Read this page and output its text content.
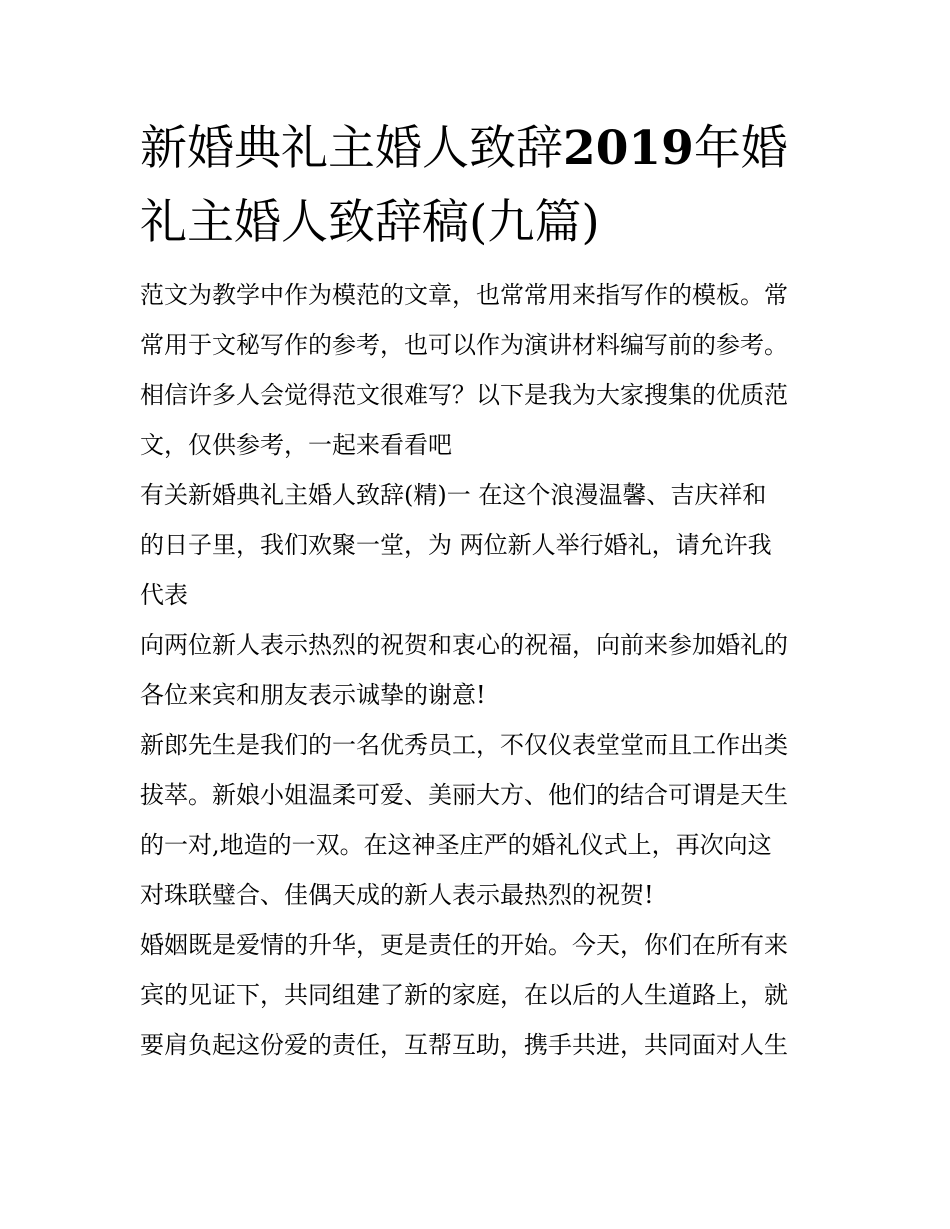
新婚典礼主婚人致辞2019年婚
礼主婚人致辞稿(九篇)

范文为教学中作为模范的文章，也常常用来指写作的模板。常
常用于文秘写作的参考，也可以作为演讲材料编写前的参考。
相信许多人会觉得范文很难写？以下是我为大家搜集的优质范
文，仅供参考，一起来看看吧

有关新婚典礼主婚人致辞(精)一 在这个浪漫温馨、吉庆祥和
的日子里，我们欢聚一堂，为 两位新人举行婚礼，请允许我
代表

向两位新人表示热烈的祝贺和衷心的祝福，向前来参加婚礼的
各位来宾和朋友表示诚挚的谢意!

新郎先生是我们的一名优秀员工，不仅仪表堂堂而且工作出类
拔萃。新娘小姐温柔可爱、美丽大方、他们的结合可谓是天生
的一对,地造的一双。在这神圣庄严的婚礼仪式上，再次向这
对珠联璧合、佳偶天成的新人表示最热烈的祝贺!

婚姻既是爱情的升华，更是责任的开始。今天，你们在所有来
宾的见证下，共同组建了新的家庭，在以后的人生道路上，就
要肩负起这份爱的责任，互帮互助，携手共进，共同面对人生
